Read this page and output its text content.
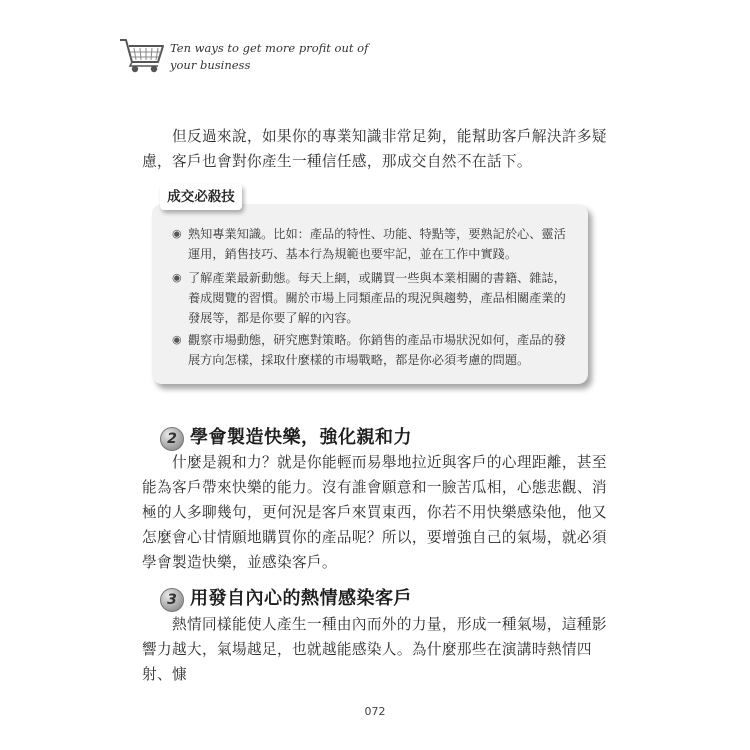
Ten ways to get more profit out of your business

但反過來說，如果你的專業知識非常足夠，能幫助客戶解決許多疑慮，客戶也會對你產生一種信任感，那成交自然不在話下。

成交必殺技
◉ 熟知專業知識。比如：產品的特性、功能、特點等，要熟記於心、靈活運用，銷售技巧、基本行為規範也要牢記，並在工作中實踐。
◉ 了解產業最新動態。每天上網，或購買一些與本業相關的書籍、雜誌，養成閱覽的習慣。關於市場上同類產品的現況與趨勢，產品相關產業的發展等，都是你要了解的內容。
◉ 觀察市場動態，研究應對策略。你銷售的產品市場狀況如何，產品的發展方向怎樣，採取什麼樣的市場戰略，都是你必須考慮的問題。
2 學會製造快樂，強化親和力

什麼是親和力？就是你能輕而易舉地拉近與客戶的心理距離，甚至能為客戶帶來快樂的能力。沒有誰會願意和一臉苦瓜相，心態悲觀、消極的人多聊幾句，更何況是客戶來買東西，你若不用快樂感染他，他又怎麼會心甘情願地購買你的產品呢？所以，要增強自己的氣場，就必須學會製造快樂，並感染客戶。

3 用發自內心的熱情感染客戶

熱情同樣能使人產生一種由內而外的力量，形成一種氣場，這種影響力越大，氣場越足，也就越能感染人。為什麼那些在演講時熱情四射、慷

072
